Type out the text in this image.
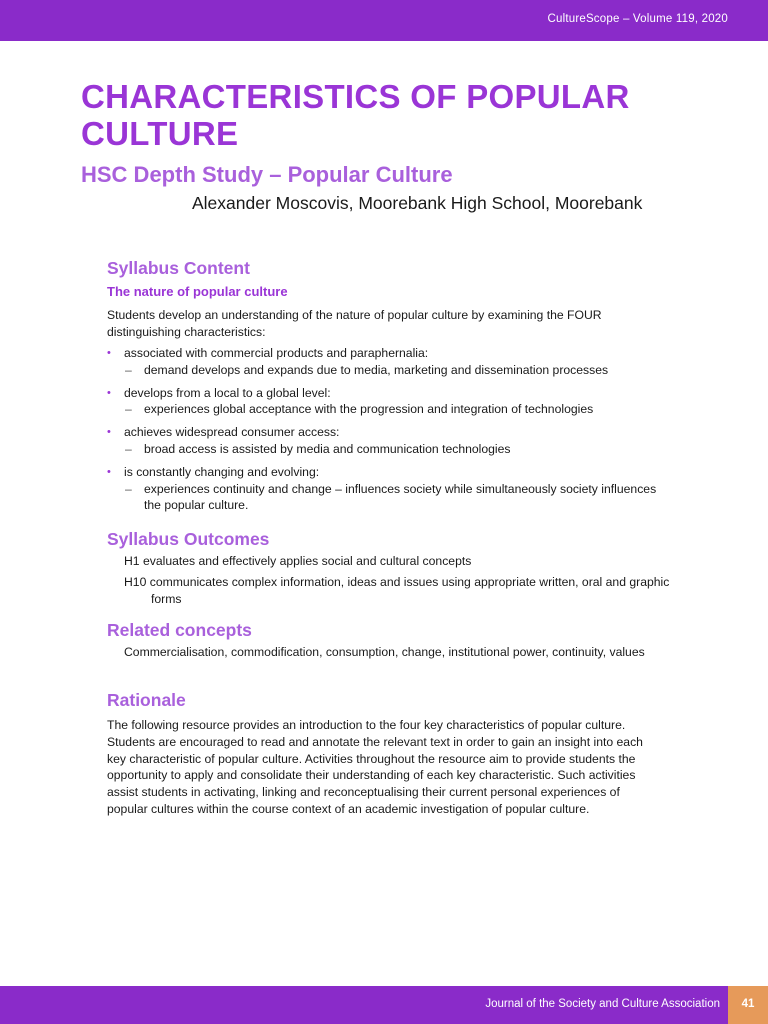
CultureScope – Volume 119, 2020
CHARACTERISTICS OF POPULAR CULTURE
HSC Depth Study – Popular Culture

Alexander Moscovis, Moorebank High School, Moorebank

Syllabus Content
The nature of popular culture

Students develop an understanding of the nature of popular culture by examining the FOUR distinguishing characteristics:

• associated with commercial products and paraphernalia:
– demand develops and expands due to media, marketing and dissemination processes
• develops from a local to a global level:
– experiences global acceptance with the progression and integration of technologies
• achieves widespread consumer access:
– broad access is assisted by media and communication technologies
• is constantly changing and evolving:
– experiences continuity and change – influences society while simultaneously society influences the popular culture.
Syllabus Outcomes

H1 evaluates and effectively applies social and cultural concepts

H10 communicates complex information, ideas and issues using appropriate written, oral and graphic forms

Related concepts

Commercialisation, commodification, consumption, change, institutional power, continuity, values

Rationale

The following resource provides an introduction to the four key characteristics of popular culture. Students are encouraged to read and annotate the relevant text in order to gain an insight into each key characteristic of popular culture. Activities throughout the resource aim to provide students the opportunity to apply and consolidate their understanding of each key characteristic. Such activities assist students in activating, linking and reconceptualising their current personal experiences of popular cultures within the course context of an academic investigation of popular culture.

Journal of the Society and Culture Association	41
